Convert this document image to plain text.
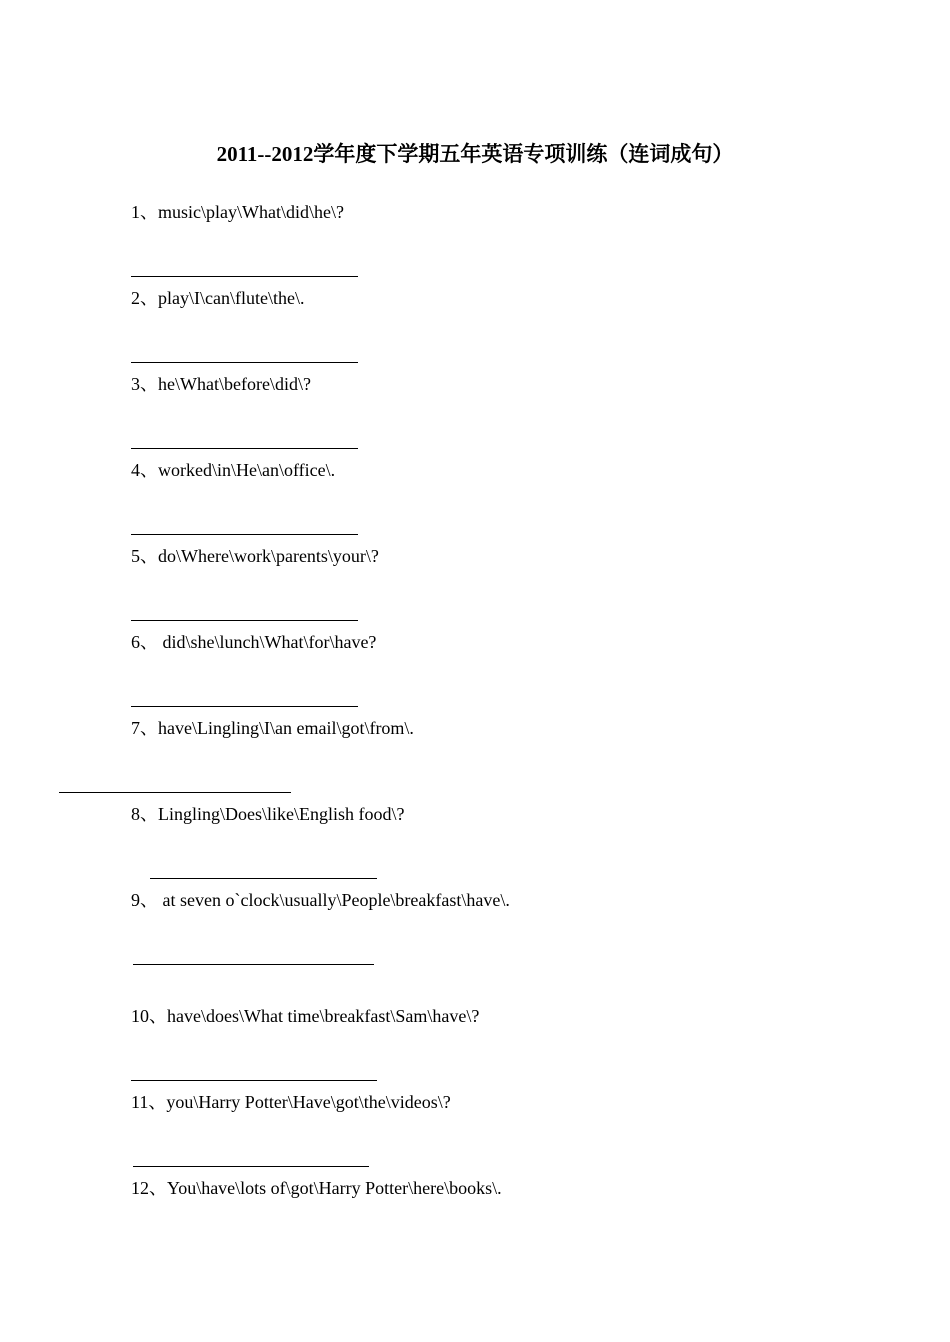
2011--2012学年度下学期五年英语专项训练（连词成句）
1、music\play\What\did\he\?
2、play\I\can\flute\the\.
3、he\What\before\did\?
4、worked\in\He\an\office\.
5、do\Where\work\parents\your\?
6、 did\she\lunch\What\for\have?
7、have\Lingling\I\an email\got\from\.
8、Lingling\Does\like\English food\?
9、 at seven o`clock\usually\People\breakfast\have\.
10、have\does\What time\breakfast\Sam\have\?
11、you\Harry Potter\Have\got\the\videos\?
12、You\have\lots of\got\Harry Potter\here\books\.
